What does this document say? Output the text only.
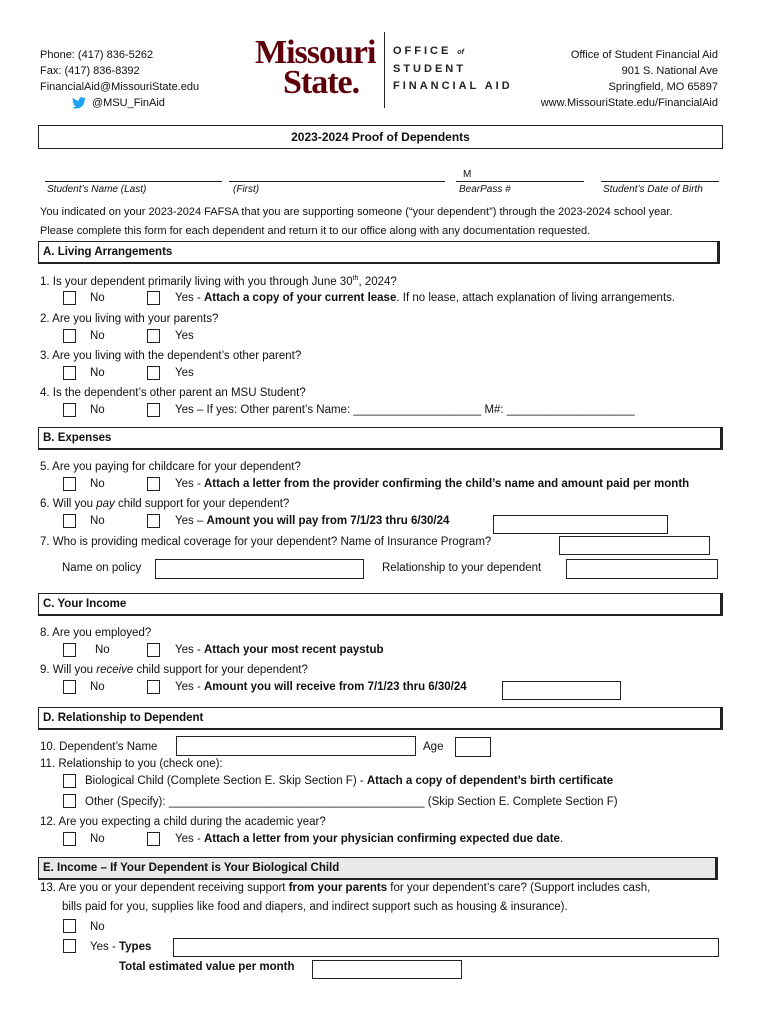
Phone: (417) 836-5262
Fax: (417) 836-8392
FinancialAid@MissouriState.edu
@MSU_FinAid
Missouri
State.
OFFICE of
STUDENT
FINANCIAL AID
Office of Student Financial Aid
901 S. National Ave
Springfield, MO 65897
www.MissouriState.edu/FinancialAid
2023-2024 Proof of Dependents
Student’s Name (Last)	(First)
M
BearPass #	Student’s Date of Birth
You indicated on your 2023-2024 FAFSA that you are supporting someone (“your dependent”) through the 2023-2024 school year.
Please complete this form for each dependent and return it to our office along with any documentation requested.
A. Living Arrangements
1. Is your dependent primarily living with you through June 30th, 2024?
No	Yes - Attach a copy of your current lease. If no lease, attach explanation of living arrangements.
2. Are you living with your parents?
No	Yes
3. Are you living with the dependent’s other parent?
No	Yes
4. Is the dependent’s other parent an MSU Student?
No	Yes – If yes: Other parent’s Name: ____________________ M#: ____________________
B. Expenses
5. Are you paying for childcare for your dependent?
No	Yes - Attach a letter from the provider confirming the child’s name and amount paid per month
6. Will you pay child support for your dependent?
No	Yes – Amount you will pay from 7/1/23 thru 6/30/24
7. Who is providing medical coverage for your dependent? Name of Insurance Program?
Name on policy	Relationship to your dependent
C. Your Income
8. Are you employed?
No	Yes - Attach your most recent paystub
9. Will you receive child support for your dependent?
No	Yes - Amount you will receive from 7/1/23 thru 6/30/24
D. Relationship to Dependent
10. Dependent’s Name	Age
11. Relationship to you (check one):
Biological Child (Complete Section E. Skip Section F) - Attach a copy of dependent’s birth certificate
Other (Specify): ________________________________________ (Skip Section E. Complete Section F)
12. Are you expecting a child during the academic year?
No	Yes - Attach a letter from your physician confirming expected due date.
E. Income – If Your Dependent is Your Biological Child
13. Are you or your dependent receiving support from your parents for your dependent’s care? (Support includes cash,
bills paid for you, supplies like food and diapers, and indirect support such as housing & insurance).
No
Yes - Types
Total estimated value per month
